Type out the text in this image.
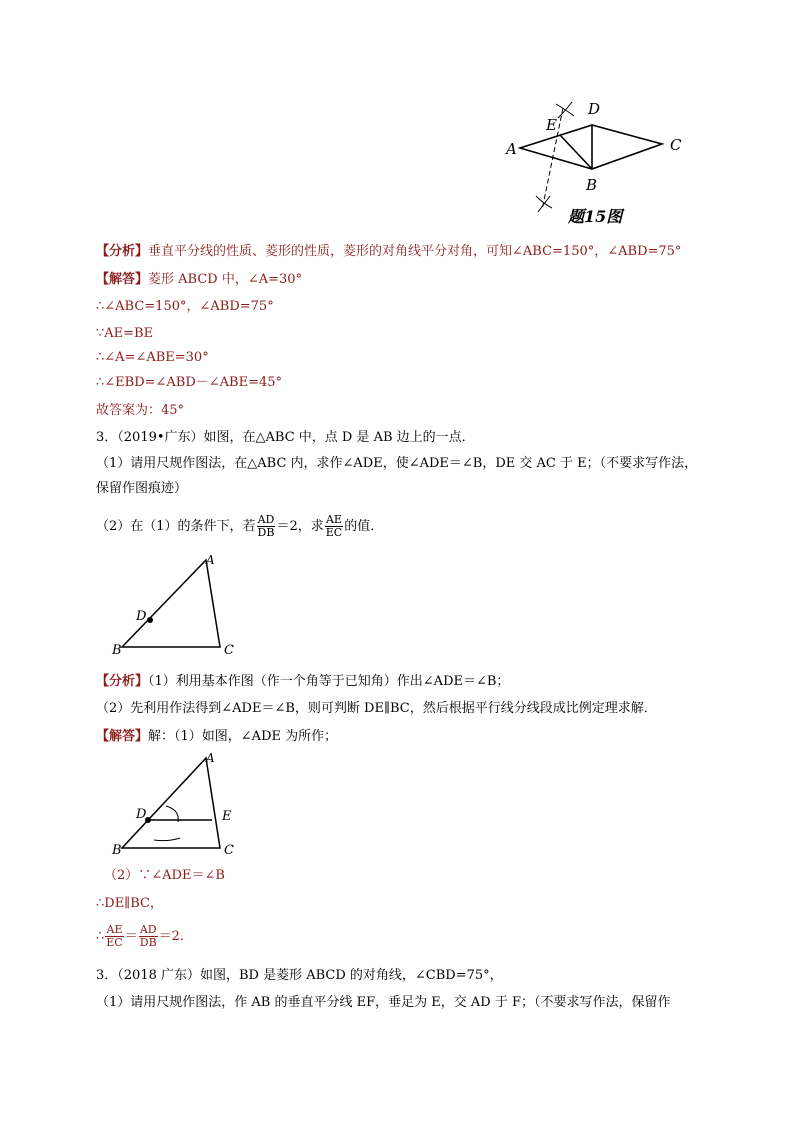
A
E
D
C
B
题15图
【分析】垂直平分线的性质、菱形的性质，菱形的对角线平分对角，可知∠ABC=150°，∠ABD=75°
【解答】菱形 ABCD 中，∠A=30°
∴∠ABC=150°，∠ABD=75°
∵AE=BE
∴∠A=∠ABE=30°
∴∠EBD=∠ABD－∠ABE=45°
故答案为：45°
3．（2019•广东）如图，在△ABC 中，点 D 是 AB 边上的一点．
（1）请用尺规作图法，在△ABC 内，求作∠ADE，使∠ADE＝∠B，DE 交 AC 于 E；（不要求写作法，
保留作图痕迹）
（2）在（1）的条件下，若 $\frac{AD}{DB} =2$，求 $\frac{AE}{EC}$ 的值．
A
D
B	C
【分析】（1）利用基本作图（作一个角等于已知角）作出∠ADE＝∠B；
（2）先利用作法得到∠ADE＝∠B，则可判断 DE∥BC，然后根据平行线分线段成比例定理求解．
【解答】解：（1）如图，∠ADE 为所作；
A
D	E
B	C
（2）∵∠ADE＝∠B
∴DE∥BC，
∴ $\frac{AE}{EC} = \frac{AD}{DB} =2$．
3．（2018 广东）如图，BD 是菱形 ABCD 的对角线，∠CBD=75°，
（1）请用尺规作图法，作 AB 的垂直平分线 EF，垂足为 E，交 AD 于 F；（不要求写作法，保留作
